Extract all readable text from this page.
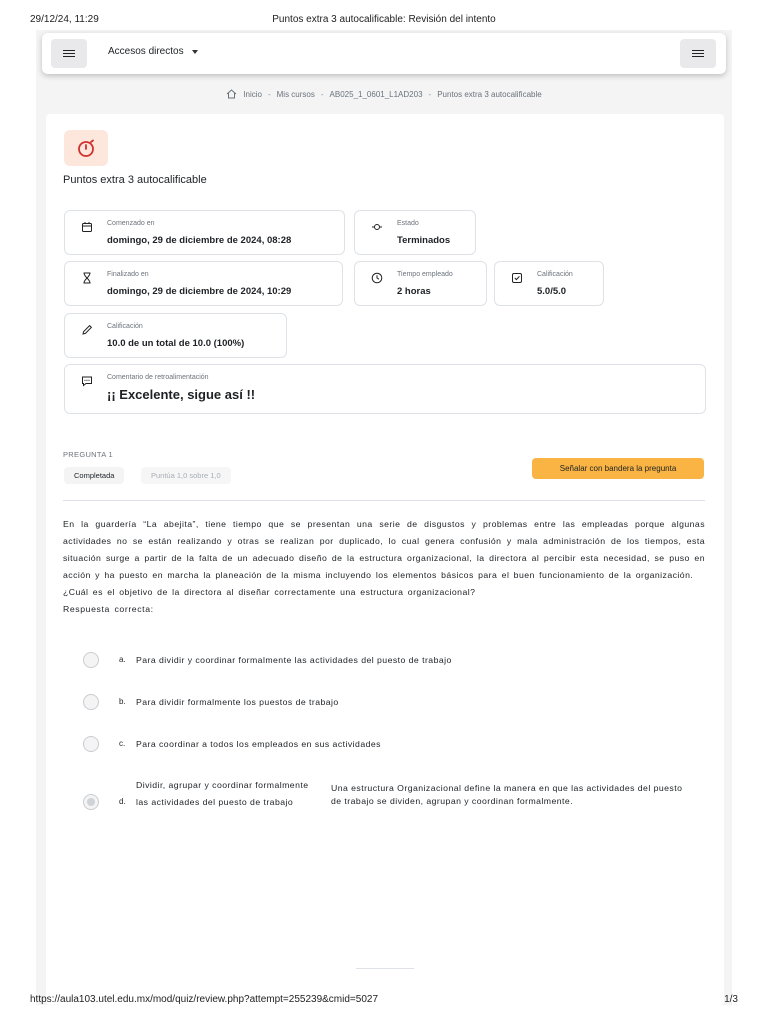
29/12/24, 11:29	Puntos extra 3 autocalificable: Revisión del intento
Accesos directos
Inicio - Mis cursos - AB025_1_0601_L1AD203 - Puntos extra 3 autocalificable
Puntos extra 3 autocalificable
Comenzado en
domingo, 29 de diciembre de 2024, 08:28
Estado
Terminados
Finalizado en
domingo, 29 de diciembre de 2024, 10:29
Tiempo empleado
2 horas
Calificación
5.0/5.0
Calificación
10.0 de un total de 10.0 (100%)
Comentario de retroalimentación
¡¡ Excelente, sigue así !!
PREGUNTA 1
Completada	Puntúa 1,0 sobre 1,0
Señalar con bandera la pregunta

En la guardería “La abejita”, tiene tiempo que se presentan una serie de disgustos y problemas entre las empleadas porque algunas actividades no se están realizando y otras se realizan por duplicado, lo cual genera confusión y mala administración de los tiempos, esta situación surge a partir de la falta de un adecuado diseño de la estructura organizacional, la directora al percibir esta necesidad, se puso en acción y ha puesto en marcha la planeación de la misma incluyendo los elementos básicos para el buen funcionamiento de la organización.

¿Cuál es el objetivo de la directora al diseñar correctamente una estructura organizacional?

Respuesta correcta:

a. Para dividir y coordinar formalmente las actividades del puesto de trabajo
b. Para dividir formalmente los puestos de trabajo
c. Para coordinar a todos los empleados en sus actividades
d.
Dividir, agrupar y coordinar formalmente las actividades del puesto de trabajo
Una estructura Organizacional define la manera en que las actividades del puesto de trabajo se dividen, agrupan y coordinan formalmente.
https://aula103.utel.edu.mx/mod/quiz/review.php?attempt=255239&cmid=5027	1/3
